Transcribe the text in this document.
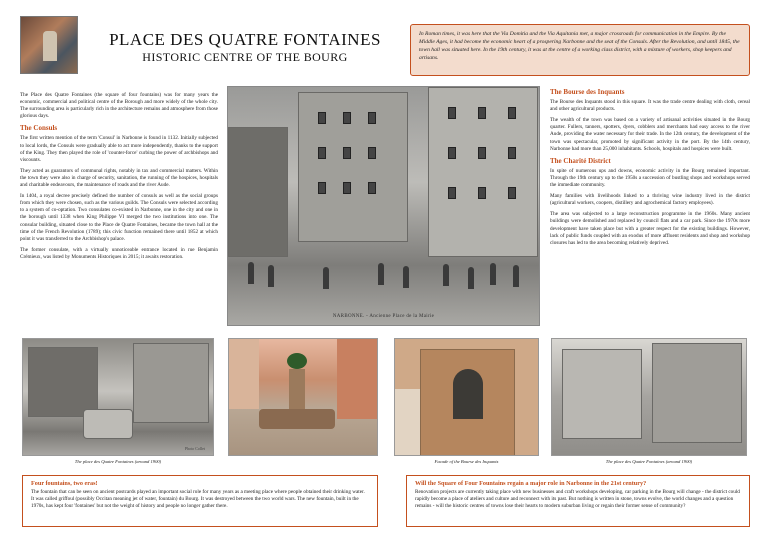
PLACE DES QUATRE FONTAINES
HISTORIC CENTRE OF THE BOURG
In Roman times, it was here that the Via Domitia and the Via Aquitania met, a major crossroads for communication in the Empire. By the Middle Ages, it had become the economic heart of a prospering Narbonne and the seat of the Consuls. After the Revolution, and until 1845, the town hall was situated here. In the 19th century, it was at the centre of a working class district, with a mixture of workers, shop keepers and artisans.

The Place des Quatre Fontaines (the square of four fountains) was for many years the economic, commercial and political centre of the Borough and more widely of the whole city. The surrounding area is particularly rich in the architecture remains and atmosphere from those glorious days.

The Consuls

The first written mention of the term 'Consul' in Narbonne is found in 1132. Initially subjected to local lords, the Consuls were gradually able to act more independently, thanks to the support of the King. They then played the role of 'counter-force' curbing the power of archbishops and viscounts.

They acted as guarantors of communal rights, notably in tax and commercial matters. Within the town they were also in charge of security, sanitation, the running of the hospices, hospitals and charitable endeavours, the maintenance of roads and the river Aude.

In 1404, a royal decree precisely defined the number of consuls as well as the social groups from which they were chosen, such as the various guilds. The Consuls were selected according to a system of co-optation. Two consulates co-existed in Narbonne, one in the city and one in the borough until 1338 when King Philippe VI merged the two institutions into one. The consular building, situated close to the Place de Quatre Fontaines, became the town hall at the time of the French Revolution (1789); this civic function remained there until 1852 at which point it was transferred to the Archbishop's palace.

The former consulate, with a virtually unnoticeable entrance located in rue Benjamin Crémieux, was listed by Monuments Historiques in 2015; it awaits restoration.

NARBONNE. - Ancienne Place de la Mairie
The Bourse des Inquants

The Bourse des Inquants stood in this square. It was the trade centre dealing with cloth, cereal and other agricultural products.

The wealth of the town was based on a variety of artisanal activities situated in the Bourg quarter. Fullers, tanners, spotters, dyers, cobblers and merchants had easy access to the river Aude, providing the water necessary for their trade. In the 12th century, the development of the town was spectacular, promoted by significant activity in the port. By the 14th century, Narbonne had more than 25,000 inhabitants. Schools, hospitals and hospices were built.

The Charité District

In spite of numerous ups and downs, economic activity in the Bourg remained important. Through the 19th century up to the 1950s a succession of bustling shops and workshops served the immediate community.

Many families with livelihoods linked to a thriving wine industry lived in the district (agricultural workers, coopers, distillery and agrochemical factory employees).

The area was subjected to a large reconstruction programme in the 1960s. Many ancient buildings were demolished and replaced by council flats and a car park. Since the 1970s more development have taken place but with a greater respect for the existing buildings. However, lack of public funds coupled with an exodus of more affluent residents and shop and workshop closures has led to the area becoming relatively deprived.

Photo Collet
The place des Quatre Fontaines (around 1900)	Facade of the Bourse des Inquants	The place des Quatre Fontaines (around 1900)
Four fountains, two eras!
The fountain that can be seen on ancient postcards played an important social role for many years as a meeting place where people obtained their drinking water. It was called griffoul (possibly Occitan meaning jet of water, fountain) du Bourg. It was destroyed between the two world wars. The new fountain, built in the 1970s, has kept four 'fontaines' but not the weight of history and people no longer gather there.
Will the Square of Four Fountains regain a major role in Narbonne in the 21st century?
Renovation projects are currently taking place with new businesses and craft workshops developing, car parking in the Bourg will change - the district could rapidly become a place of ateliers and culture and reconnect with its past. But nothing is written in stone, towns evolve, the world changes and a question remains - will the historic centres of towns lose their hearts to modern suburban living or regain their former sense of community?
